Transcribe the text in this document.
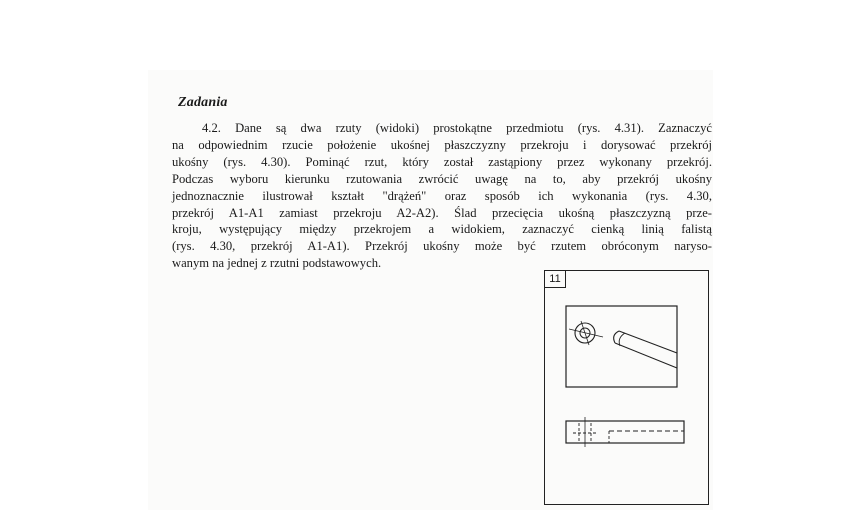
Zadania
4.2. Dane są dwa rzuty (widoki) prostokątne przedmiotu (rys. 4.31). Zaznaczyć
na odpowiednim rzucie położenie ukośnej płaszczyzny przekroju i dorysować przekrój
ukośny (rys. 4.30). Pominąć rzut, który został zastąpiony przez wykonany przekrój.
Podczas wyboru kierunku rzutowania zwrócić uwagę na to, aby przekrój ukośny
jednoznacznie ilustrował kształt "drążeń" oraz sposób ich wykonania (rys. 4.30,
przekrój A1-A1 zamiast przekroju A2-A2). Ślad przecięcia ukośną płaszczyzną prze-
kroju, występujący między przekrojem a widokiem, zaznaczyć cienką linią falistą
(rys. 4.30, przekrój A1-A1). Przekrój ukośny może być rzutem obróconym naryso-
wanym na jednej z rzutni podstawowych.
11
